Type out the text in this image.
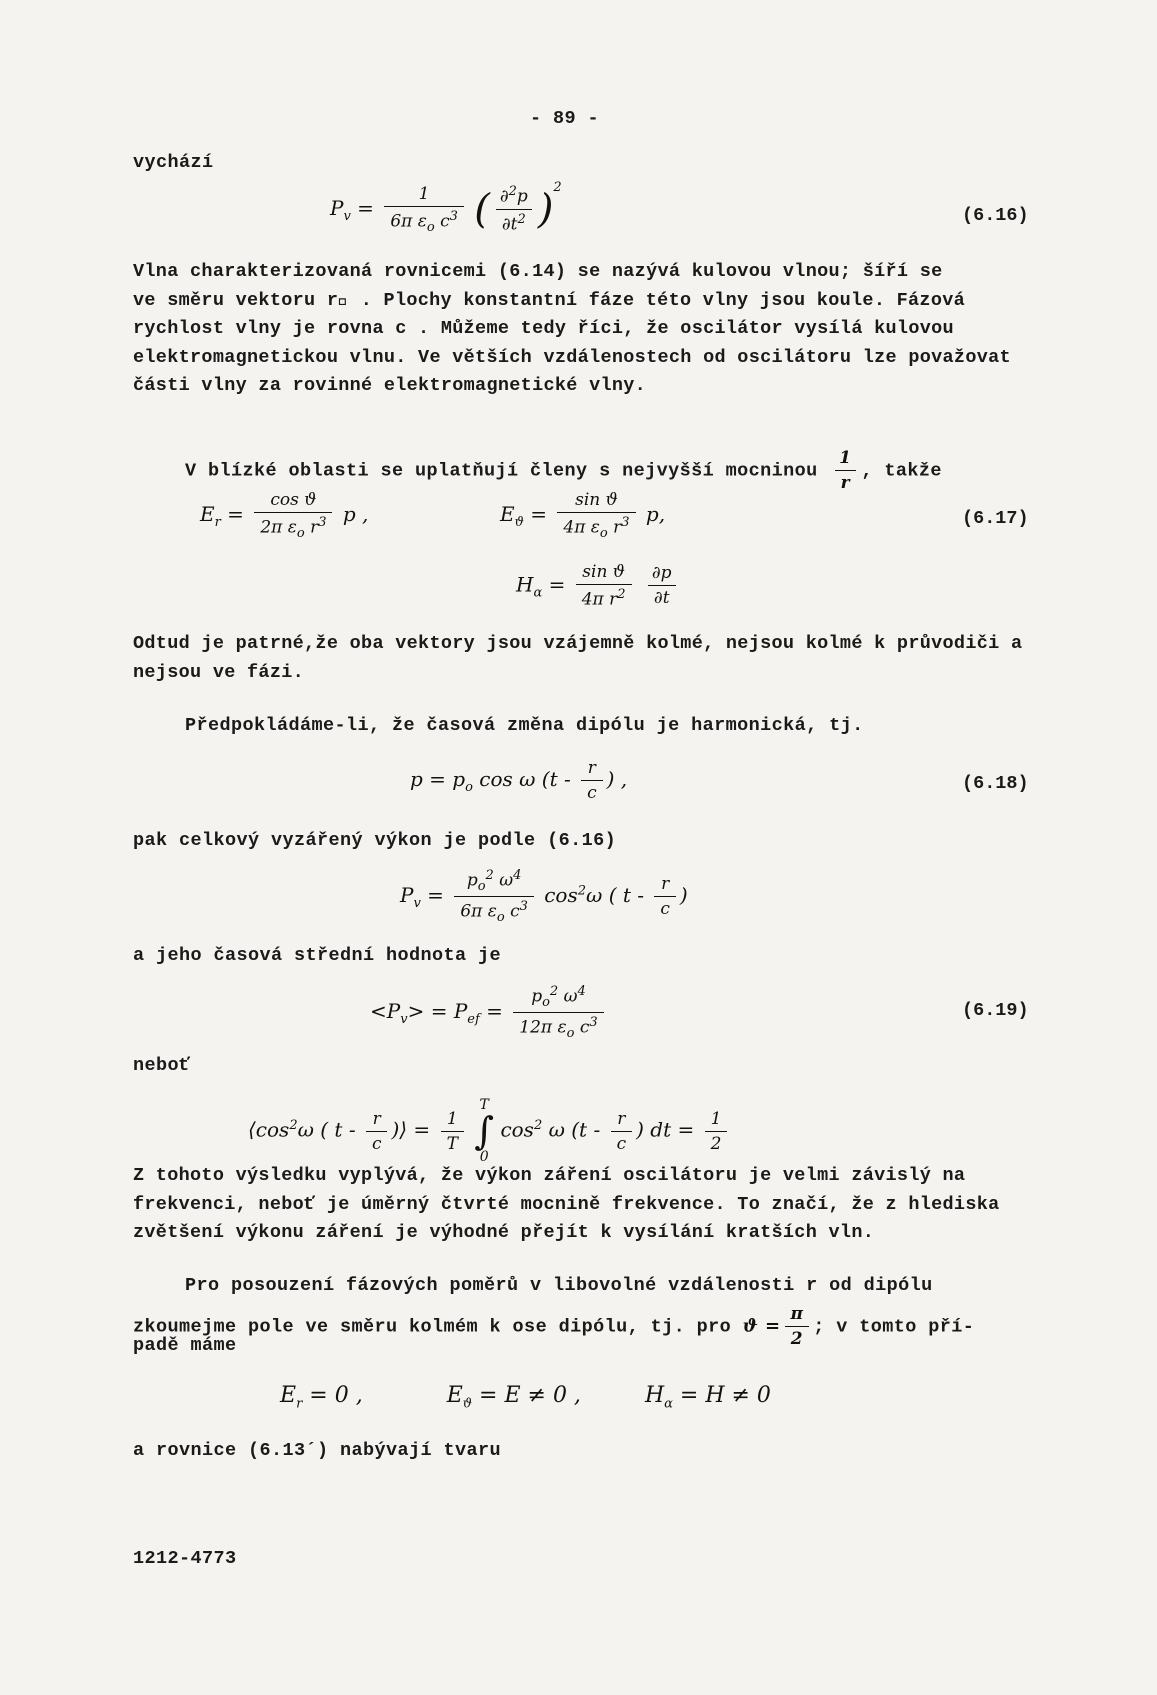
- 89 -
vychází
$P_v = \frac{1}{6\pi \varepsilon_o c^3}$ ( $\frac{\partial^2p}{\partial t^2} )^2$
(6.16)

Vlna charakterizovaná rovnicemi (6.14) se nazývá kulovou vlnou; šíří se

ve směru vektoru r⃗ . Plochy konstantní fáze této vlny jsou koule. Fázová

rychlost vlny je rovna c . Můžeme tedy říci, že oscilátor vysílá kulovou

elektromagnetickou vlnu. Ve větších vzdálenostech od oscilátoru lze považovat

části vlny za rovinné elektromagnetické vlny.

V blízké oblasti se uplatňují členy s nejvyšší mocninou $\frac{1}{r}$ , takže
$E_r = \frac{\text{cos ϑ}}{2\pi \varepsilon_o r^3}$ p ,	$E_ϑ = \frac{\text{sin ϑ}}{4\pi \varepsilon_o r^3} p$,	(6.17)
$H_\alpha = \frac{\text{sin ϑ}}{4\pi r^2}$
$\frac{\partial p}{\partial t}$

Odtud je patrné,že oba vektory jsou vzájemně kolmé, nejsou kolmé k průvodiči a

nejsou ve fázi.

Předpokládáme-li, že časová změna dipólu je harmonická, tj.
$p = p_o$ cos ω ($t - \frac{r}{c}$ ) ,	(6.18)
pak celkový vyzářený výkon je podle (6.16)
$P_v = \frac{p_o^2 \omega^4}{6\pi \varepsilon_o c^3} \cos^2\omega$ ( t - $\frac{r}{c}$ )
a jeho časová střední hodnota je
$<P_v> = P_{ef} = \frac{p_o^2 \omega^4}{12\pi \varepsilon_o c^3}$	(6.19)
neboť
$⟨\cos^2\omega$ ( t - $\frac{r}{c}$ )⟩ = $\frac{1}{T}$

T
∫
0
$\cos^2 \omega$ ($t - \frac{r}{c}$ ) dt = $\frac{1}{2}$

Z tohoto výsledku vyplývá, že výkon záření oscilátoru je velmi závislý na

frekvenci, neboť je úměrný čtvrté mocnině frekvence. To značí, že z hlediska

zvětšení výkonu záření je výhodné přejít k vysílání kratších vln.

Pro posouzení fázových poměrů v libovolné vzdálenosti r od dipólu
zkoumejme pole ve směru kolmém k ose dipólu, tj. pro $ϑ = \frac{\pi}{2}$ ; v tomto pří-
padě máme
$E_r = 0$ ,	$E_ϑ = E \ne 0$ ,	$H_\alpha = H \ne 0$
a rovnice (6.13´) nabývají tvaru
1212-4773
